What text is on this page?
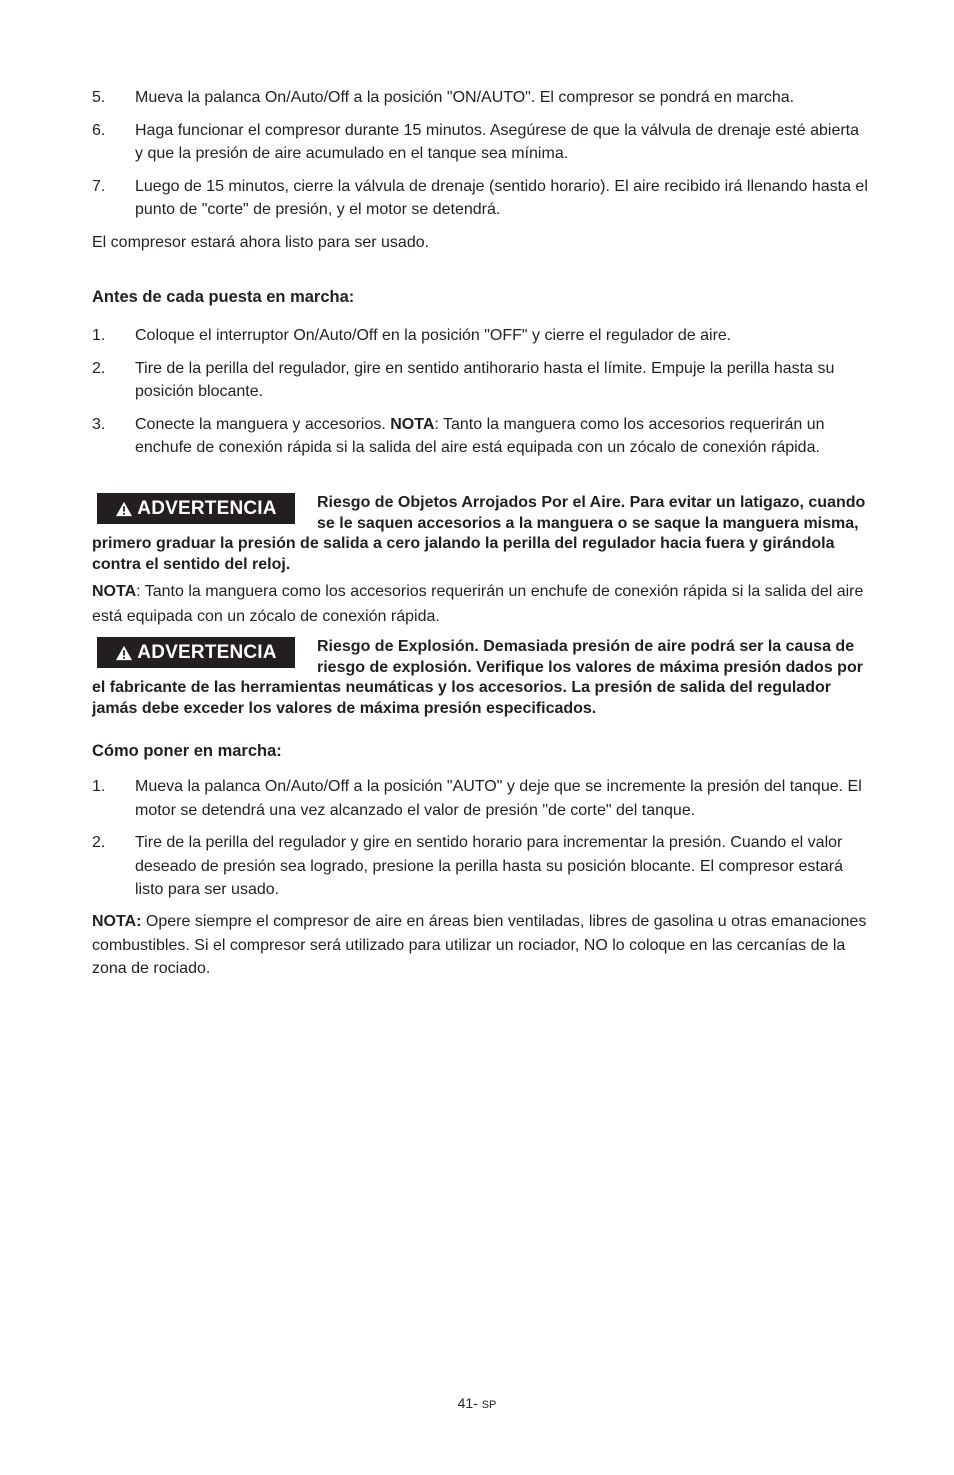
5. Mueva la palanca On/Auto/Off a la posición "ON/AUTO". El compresor se pondrá en marcha.
6. Haga funcionar el compresor durante 15 minutos. Asegúrese de que la válvula de drenaje esté abierta y que la presión de aire acumulado en el tanque sea mínima.
7. Luego de 15 minutos, cierre la válvula de drenaje (sentido horario). El aire recibido irá llenando hasta el punto de "corte" de presión, y el motor se detendrá.
El compresor estará ahora listo para ser usado.
Antes de cada puesta en marcha:
1. Coloque el interruptor On/Auto/Off en la posición "OFF" y cierre el regulador de aire.
2. Tire de la perilla del regulador, gire en sentido antihorario hasta el límite. Empuje la perilla hasta su posición blocante.
3. Conecte la manguera y accesorios. NOTA: Tanto la manguera como los accesorios requerirán un enchufe de conexión rápida si la salida del aire está equipada con un zócalo de conexión rápida.
ADVERTENCIA	Riesgo de Objetos Arrojados Por el Aire. Para evitar un latigazo, cuando se le saquen accesorios a la manguera o se saque la manguera misma, primero graduar la presión de salida a cero jalando la perilla del regulador hacia fuera y girándola contra el sentido del reloj.

NOTA: Tanto la manguera como los accesorios requerirán un enchufe de conexión rápida si la salida del aire está equipada con un zócalo de conexión rápida.
ADVERTENCIA	Riesgo de Explosión. Demasiada presión de aire podrá ser la causa de riesgo de explosión. Verifique los valores de máxima presión dados por el fabricante de las herramientas neumáticas y los accesorios. La presión de salida del regulador jamás debe exceder los valores de máxima presión especificados.

Cómo poner en marcha:
1. Mueva la palanca On/Auto/Off a la posición "AUTO" y deje que se incremente la presión del tanque. El motor se detendrá una vez alcanzado el valor de presión "de corte" del tanque.
2. Tire de la perilla del regulador y gire en sentido horario para incrementar la presión. Cuando el valor deseado de presión sea logrado, presione la perilla hasta su posición blocante. El compresor estará listo para ser usado.
NOTA: Opere siempre el compresor de aire en áreas bien ventiladas, libres de gasolina u otras emanaciones combustibles. Si el compresor será utilizado para utilizar un rociador, NO lo coloque en las cercanías de la zona de rociado.
41- SP
